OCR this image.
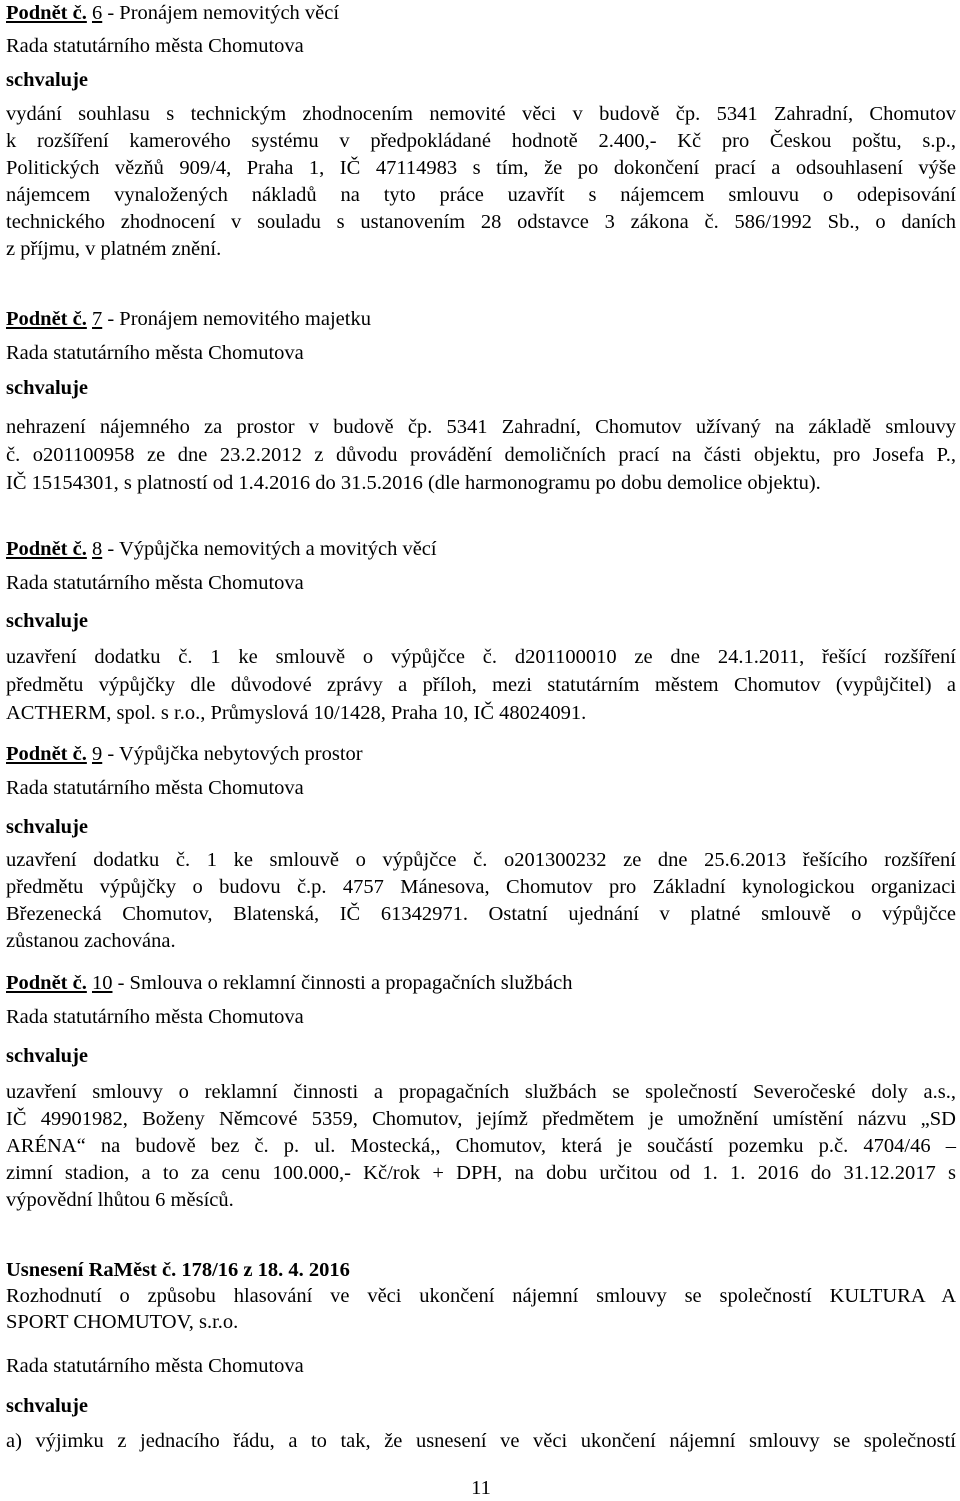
Podnět č. 6 - Pronájem nemovitých věcí
Rada statutárního města Chomutova
schvaluje
vydání souhlasu s technickým zhodnocením nemovité věci v budově čp. 5341 Zahradní, Chomutov
k rozšíření kamerového systému v předpokládané hodnotě 2.400,- Kč pro Českou poštu, s.p.,
Politických vězňů 909/4, Praha 1, IČ 47114983 s tím, že po dokončení prací a odsouhlasení výše
nájemcem vynaložených nákladů na tyto práce uzavřít s nájemcem smlouvu o odepisování
technického zhodnocení v souladu s ustanovením 28 odstavce 3 zákona č. 586/1992 Sb., o daních
z příjmu, v platném znění.
Podnět č. 7 - Pronájem nemovitého majetku
Rada statutárního města Chomutova
schvaluje
nehrazení nájemného za prostor v budově čp. 5341 Zahradní, Chomutov užívaný na základě smlouvy
č. o201100958 ze dne 23.2.2012 z důvodu provádění demoličních prací na části objektu, pro Josefa P.,
IČ 15154301, s platností od 1.4.2016 do 31.5.2016 (dle harmonogramu po dobu demolice objektu).
Podnět č. 8 - Výpůjčka nemovitých a movitých věcí
Rada statutárního města Chomutova
schvaluje
uzavření dodatku č. 1 ke smlouvě o výpůjčce č. d201100010 ze dne 24.1.2011, řešící rozšíření
předmětu výpůjčky dle důvodové zprávy a příloh, mezi statutárním městem Chomutov (vypůjčitel) a
ACTHERM, spol. s r.o., Průmyslová 10/1428, Praha 10, IČ 48024091.
Podnět č. 9 - Výpůjčka nebytových prostor
Rada statutárního města Chomutova
schvaluje
uzavření dodatku č. 1 ke smlouvě o výpůjčce č. o201300232 ze dne 25.6.2013 řešícího rozšíření
předmětu výpůjčky o budovu č.p. 4757 Mánesova, Chomutov pro Základní kynologickou organizaci
Březenecká Chomutov, Blatenská, IČ 61342971. Ostatní ujednání v platné smlouvě o výpůjčce
zůstanou zachována.
Podnět č. 10 - Smlouva o reklamní činnosti a propagačních službách
Rada statutárního města Chomutova
schvaluje
uzavření smlouvy o reklamní činnosti a propagačních službách se společností Severočeské doly a.s.,
IČ 49901982, Boženy Němcové 5359, Chomutov, jejímž předmětem je umožnění umístění názvu „SD
ARÉNA“ na budově bez č. p. ul. Mostecká,, Chomutov, která je součástí pozemku p.č. 4704/46 –
zimní stadion, a to za cenu 100.000,- Kč/rok + DPH, na dobu určitou od 1. 1. 2016 do 31.12.2017 s
výpovědní lhůtou 6 měsíců.
Usnesení RaMěst č. 178/16 z 18. 4. 2016
Rozhodnutí o způsobu hlasování ve věci ukončení nájemní smlouvy se společností KULTURA A
SPORT CHOMUTOV, s.r.o.
Rada statutárního města Chomutova
schvaluje
a) výjimku z jednacího řádu, a to tak, že usnesení ve věci ukončení nájemní smlouvy se společností
11
